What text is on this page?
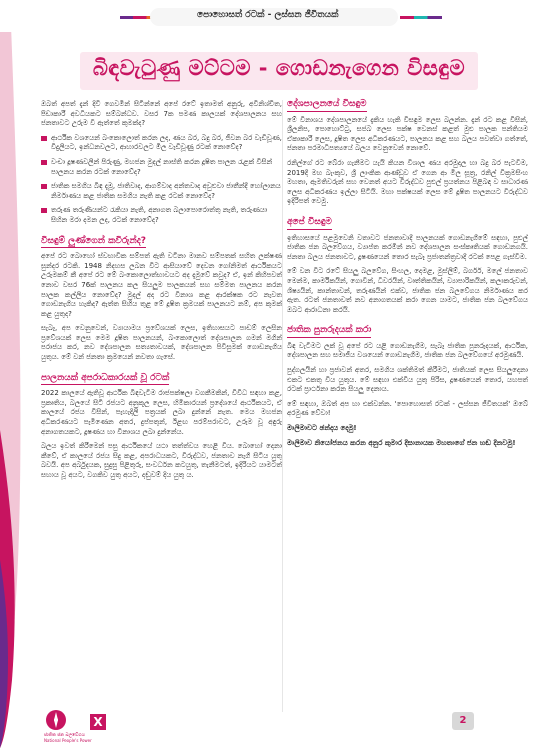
පොහොසත් රටක් - ලස්සන ජීවිතයක්
බිඳවැටුණු මට්ටම - ගොඩනැගෙන විසඳුම

ඔබත් අපත් දැන් දිවි ගෙවමින් සිටින්නේ අපේ රටේ ඉතාමත් අනුරු, අවිනිශ්චිත, පීඩාකාරී අවධියකට සම්බන්ධව. වසර 7ක පමණ කාලයක් දේශපාලනය සහ ජනතාවට උරුම වී ඇත්තේ කුමක්ද?

ආර්ථික වශයෙන් බංකොලොත් කරන ලද, ණය බර, බදු බර, ජීවන බර වැඩිවූණ, විදුලියට, ඉන්ධනවලට, ආහාරවලට මිල වැඩිවූණු රටක් නොවේද?
වංචා දූෂණවලින් පිරුණු, මහජන මුදල් නාස්ති කරන දූෂිත පාලන රැළක් විසින් පාලනය කරන රටක් නොවේද?
ජාතික සමගිය බිඳ දැමූ, ජාතිවාද, ආගම්වාද අන්තවාද අවුළුවා ජාතීන්දී හෝලානය නිර්මාණය කළ ජාතික සමගිය නැති කළ රටක් නොවේද?
තරුණ තරුණියන්ට රැකියා නැති, අනාගත බලාපොරොත්තු නැති, තරුණයා සිහින මරා දමන ලද, රටක් නොවේද?
විසඳුම් ලුණ්ගෙන් කවිරුන්ද?

අපේ රට බොහෝ ස්වභාවික සම්පත් ඇති වටිනා මානව සම්පතක් සහිත ලක්ෂණ සුන්දර රටකි. 1948 නිදහස ලබන විට ආසියාවේ දෙවන ගෝනිමත් ආර්ථිකයට උරුමකම් කී අපේ රට මේ බංකොලොත්භාවයට අද දැමුවේ කවුද? ඒ, ඉන් කිහිපවත් නොව වසර 76ක් පාලනය කල සියලුම පාලකයන් සහ සම්මත පාලනය කරන පාලක කල්ලිය නොවේද? මුදල් අද රට විනාශ කළ ආරක්ෂක රට නැවත ගොඩනැගිය හැකිද? ඇත්ත සිහිය තුළ මේ දූෂිත ක්‍රමයක් පාලනයට නම්, අප කුමක් කළ යුතුද?

සැබෑ, අප වෙනුවෙන්, ව්‍යායාමය ප්‍රවේශයක් ලෙස, ඉතිහාසයට පාඩම් ලෙසින ප්‍රවේශයක් ලෙස මෙම දූෂිත පාලනයන්, බංකොලොත් දේශපාලන ගමන් මගින් පරාජය කර, නව දේශපාලන සත්‍යතාවයක්, දේශපාලන පිවිසුමක් ගොඩනැගිය යුතුය. මේ වන් ජනතා ක්‍රමයෙන් නවතා ගැසේ.

පාලනයක් අපරාධකාරයක් වූ රටක්

2022 කාලයේ ඇතිවූ ආර්ථික බිඳවැටීම රාජපක්ෂලා වගකීමකින්, විවිධ සඳහා කළ, ප්‍රකෘතිය, බලයේ සිටි රජයට අනුකූල ලෙස, හිමිකාරයන් ප්‍රදේශයේ ආර්ථිකයට, ඒ කාලයේ රජය විසින්, පැහැදිලි පත්‍රයක් ලබා දුන්නේ නැත. මෙය මහජන අධිකරණයට පැමිණෙන අතර, දුප්පතුන්, ඊළඟ පරම්පරාවට, උරුම වූ අඳුරු අනාගතයකට, දූෂණය හා විනාශය ලබා දුන්නේය.

බලය ඉවත් කිරීමෙන් පසු ආර්ථිකයේ යථා තත්ත්වය හෙළි විය. බොහෝ දෙනා කීවේ, ඒ කාලයේ රජය සිදු කළ, අපරාධයකට, විරුද්ධව, ජනතාව නැගී සිටිය යුතු බවයි. අප අර්බුදයක, සුදුසු පිළිතුරු, සංවර්ධන කටයුතු, තැනීමටත්, ඉදිරියට යාමටත් සහාය වූ අයට, වගකිව යුතු අයට, දඬුවම් දිය යුතු ය.

දේශපාලනයේ විසඳුම

මේ විනාශය දේශපාලනයේ දැකිය හැකි විසඳුම ලෙස බලන්න. දැන් රට කළ විසින්, ශ්‍රීලනිප, පොහොට්ටු, සජබ ලෙස පක්ෂ වෙනස් කළත් මුළු පාලක පන්තියම ඒකාකාරී ලෙස, දූෂිත ලෙස අධිකරණයට, පාලනය කළ සහ බලය පවත්වා ගත්තේ, ජනතා පරමාධිපත්‍යයේ බලය වෙනුවෙන් නොවේ.

රනිල්ගේ රට බේරා ගැනීමට යැයි කියන විශාල ණය අරමුදල හා බදු බර පැටවීම, 2019දී මහ බැංකුව, ශ්‍රී ලාංකික ආණ්ඩුව ඒ ගෙන ආ මිල සූත්‍ර, රනිල් වික්‍රමසිංහ මහතා, ඇමතිවරුන් සහ වෙනත් අයට විරුද්ධව පුළුල් ප්‍රයත්නය පිළිබඳ ව සාධාරණ ලෙස අධිකරණය ඉල්ලා සිටියි. මහා පක්ෂයක් ලෙස මේ දූෂිත පාලනයට විරුද්ධව ඉදිරිපත් වෙමු.

අපේ විසඳුම

ඉතිහාසයේ පළමුවෙනි වතාවට ජනතාවාදී පාලනයක් ගොඩනැගීමේ සඳහා, පුළුල් ජාතික ජන බලවේගය, ව්‍යාප්ත කරමින් නව දේශපාලන සංස්කෘතියක් ගොඩනගයි. ජනතා බලය ජනතාවට, දූෂණයෙන් තොර සැබෑ ප්‍රජාතන්ත්‍රවාදී රටක් පෙළ ගැස්වීම.

මේ වන විට රටේ සියලු බලවේග, සිංහල, දෙමළ, මුස්ලිම්, බර්ගර්, මලේ ජනතාව මෙන්ම, කාර්මිකයින්, ගොවීන්, ධීවරයින්, වෘත්තිකයින්, ව්‍යාපාරිකයින්, කලාකරුවන්, ශිෂ්‍යයින්, කාන්තාවන්, තරුණයින් එක්ව, ජාතික ජන බලවේගය නිර්මාණය කර ඇත. රටත් ජනතාවත් නව අනාගතයක් කරා ගෙන යාමට, ජාතික ජන බලවේගය ඔබට ආරාධනා කරයි.

ජාතික පුනරුදයක් කරා

බිඳ වැටීමට ලක් වූ අපේ රට යළි ගොඩනැගීම, සැබෑ ජාතික පුනරුදයක්, ආර්ථික, දේශපාලන සහ සමාජීය වශයෙන් ගොඩනැගීම, ජාතික ජන බලවේගයේ අරමුණයි.

පුද්ගලයින් හා ප්‍රජාවන් අතර, සමගිය ශක්තිමත් කිරීමට, ජාතියක් ලෙස සියලුදෙනා එකට එකතු විය යුතුය. මේ සඳහා එක්විය යුතු පිරිස, දූෂණයෙන් තොර, යහපත් රටක් ප්‍රාර්ථනා කරන සියලු දෙනාය.

මේ සඳහා, ඔබත් අප හා එක්වන්න. 'පොහොසත් රටක් - ලස්සන ජීවිතයක්' ඔබේ අරමුණ වේවා!

මාලිමාවට ඡන්දය දෙමු!

මාලිමාව නියෝජනය කරන අනුර කුමාර දිසානායක මහතාගේ ජන හඬ දිනවමු!

ජාතික ජන බලවේගය
National People's Power
X	2
